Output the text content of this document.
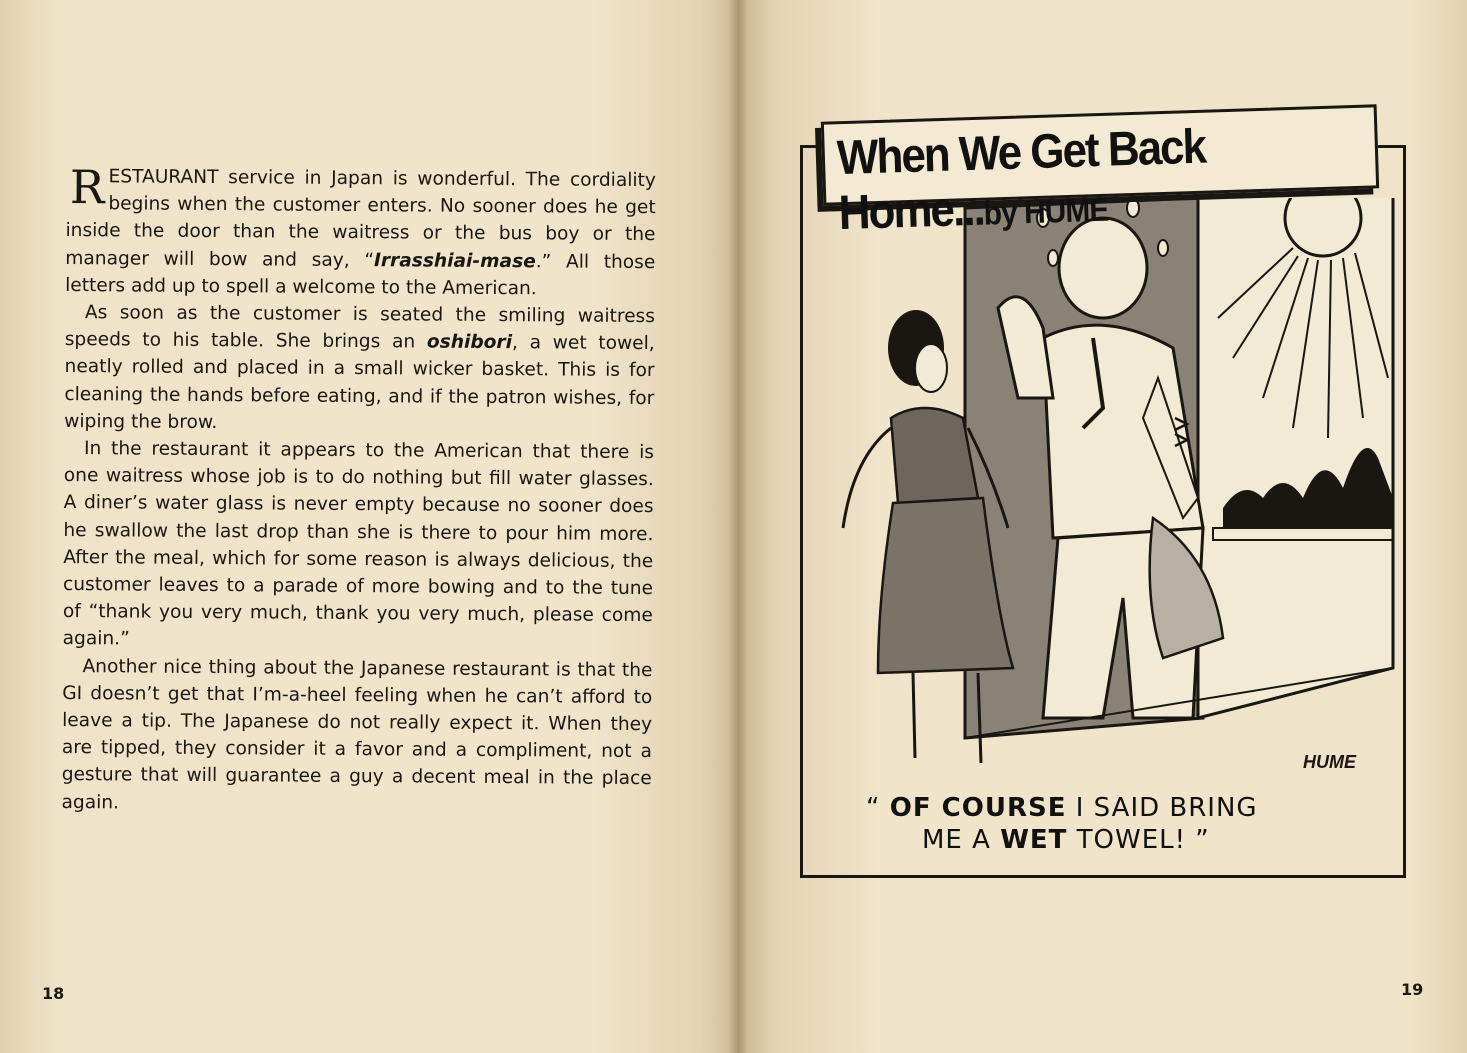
RESTAURANT service in Japan is wonderful. The cordiality begins when the customer enters. No sooner does he get inside the door than the waitress or the bus boy or the manager will bow and say, “Irrasshiai-mase.” All those letters add up to spell a welcome to the American.

As soon as the customer is seated the smiling waitress speeds to his table. She brings an oshibori, a wet towel, neatly rolled and placed in a small wicker basket. This is for cleaning the hands before eating, and if the patron wishes, for wiping the brow.

In the restaurant it appears to the American that there is one waitress whose job is to do nothing but fill water glasses. A diner’s water glass is never empty because no sooner does he swallow the last drop than she is there to pour him more. After the meal, which for some reason is always delicious, the customer leaves to a parade of more bowing and to the tune of “thank you very much, thank you very much, please come again.”

Another nice thing about the Japanese restaurant is that the GI doesn’t get that I’m-a-heel feeling when he can’t afford to leave a tip. The Japanese do not really expect it. When they are tipped, they consider it a favor and a compliment, not a gesture that will guarantee a guy a decent meal in the place again.

18
HUME
When We Get Back Home...by HUME
“ OF COURSE I SAID BRING
ME A WET TOWEL! ”
19
